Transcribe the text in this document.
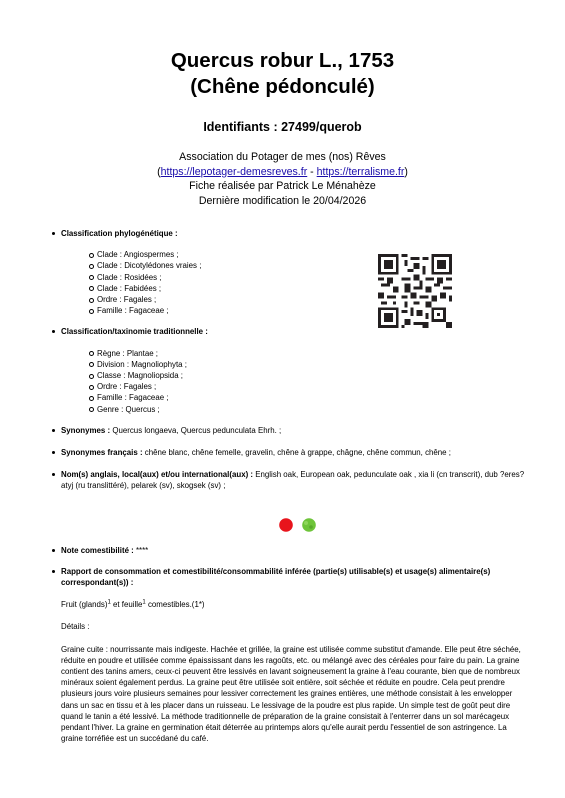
Quercus robur L., 1753
(Chêne pédonculé)
Identifiants : 27499/querob
Association du Potager de mes (nos) Rêves
(https://lepotager-demesreves.fr - https://terralisme.fr)
Fiche réalisée par Patrick Le Ménahèze
Dernière modification le 20/04/2026
Classification phylogénétique :
Clade : Angiospermes ;
Clade : Dicotylédones vraies ;
Clade : Rosidées ;
Clade : Fabidées ;
Ordre : Fagales ;
Famille : Fagaceae ;
Classification/taxinomie traditionnelle :
Règne : Plantae ;
Division : Magnoliophyta ;
Classe : Magnoliopsida ;
Ordre : Fagales ;
Famille : Fagaceae ;
Genre : Quercus ;
Synonymes : Quercus longaeva, Quercus pedunculata Ehrh. ;
Synonymes français : chêne blanc, chêne femelle, gravelin, chêne à grappe, châgne, chêne commun, chêne ;
Nom(s) anglais, local(aux) et/ou international(aux) : English oak, European oak, pedunculate oak , xia li (cn transcrit), dub ?eres?atyj (ru translittéré), pelarek (sv), skogsek (sv) ;
Note comestibilité : ****
Rapport de consommation et comestibilité/consommabilité inférée (partie(s) utilisable(s) et usage(s) alimentaire(s) correspondant(s)) :
Fruit (glands)$^1$ et feuille$^1$ comestibles.(1*)
Détails :
Graine cuite : nourrissante mais indigeste. Hachée et grillée, la graine est utilisée comme substitut d'amande. Elle peut être séchée, réduite en poudre et utilisée comme épaississant dans les ragoûts, etc. ou mélangé avec des céréales pour faire du pain. La graine contient des tanins amers, ceux-ci peuvent être lessivés en lavant soigneusement la graine à l'eau courante, bien que de nombreux minéraux soient également perdus. La graine peut être utilisée soit entière, soit séchée et réduite en poudre. Cela peut prendre plusieurs jours voire plusieurs semaines pour lessiver correctement les graines entières, une méthode consistait à les envelopper dans un sac en tissu et à les placer dans un ruisseau. Le lessivage de la poudre est plus rapide. Un simple test de goût peut dire quand le tanin a été lessivé. La méthode traditionnelle de préparation de la graine consistait à l'enterrer dans un sol marécageux pendant l'hiver. La graine en germination était déterrée au printemps alors qu'elle aurait perdu l'essentiel de son astringence. La graine torréfiée est un succédané du café.
